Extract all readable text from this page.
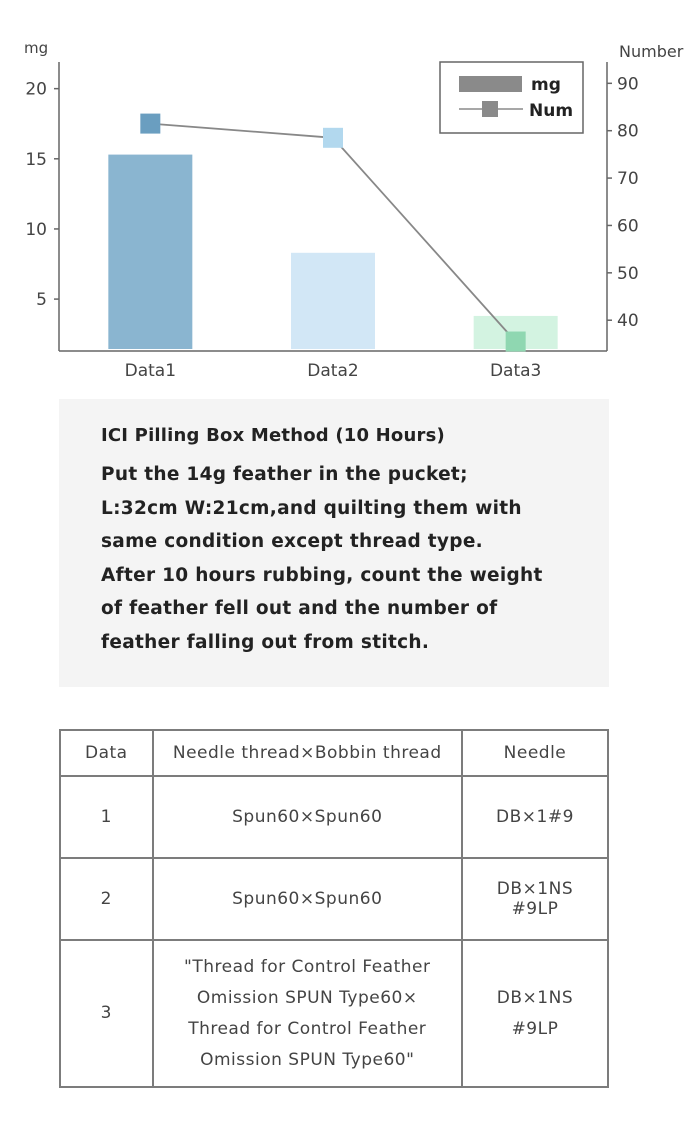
mg	Number
5
10
15
20
40
50
60
70
80
90
Data1	Data2	Data3
mg
Num

ICI Pilling Box Method (10 Hours)

Put the 14g feather in the pucket;

L:32cm W:21cm,and quilting them with

same condition except thread type.

After 10 hours rubbing, count the weight

of feather fell out and the number of

feather falling out from stitch.

Data	Needle thread×Bobbin thread	Needle
1	Spun60×Spun60	DB×1#9

2	Spun60×Spun60	DB×1NS
#9LP

3	"Thread for Control Feather
Omission SPUN Type60×
Thread for Control Feather
Omission SPUN Type60"	DB×1NS
#9LP
